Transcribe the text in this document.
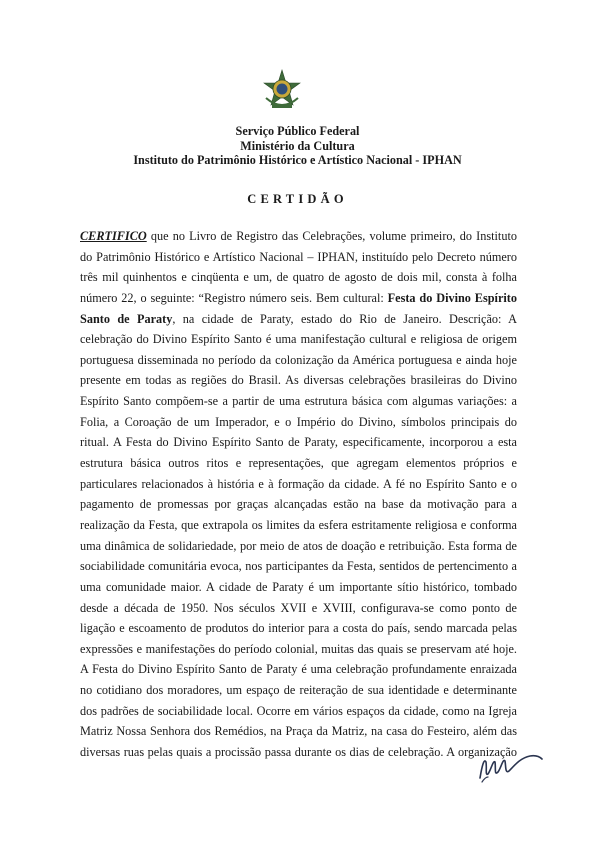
Serviço Público Federal
Ministério da Cultura
Instituto do Patrimônio Histórico e Artístico Nacional - IPHAN
CERTIDÃO
CERTIFICO que no Livro de Registro das Celebrações, volume primeiro, do Instituto
do Patrimônio Histórico e Artístico Nacional – IPHAN, instituído pelo Decreto número
três mil quinhentos e cinqüenta e um, de quatro de agosto de dois mil, consta à folha
número 22, o seguinte: “Registro número seis. Bem cultural: Festa do Divino Espírito
Santo de Paraty, na cidade de Paraty, estado do Rio de Janeiro. Descrição: A
celebração do Divino Espírito Santo é uma manifestação cultural e religiosa de origem
portuguesa disseminada no período da colonização da América portuguesa e ainda hoje
presente em todas as regiões do Brasil. As diversas celebrações brasileiras do Divino
Espírito Santo compõem-se a partir de uma estrutura básica com algumas variações: a
Folia, a Coroação de um Imperador, e o Império do Divino, símbolos principais do
ritual. A Festa do Divino Espírito Santo de Paraty, especificamente, incorporou a esta
estrutura básica outros ritos e representações, que agregam elementos próprios e
particulares relacionados à história e à formação da cidade. A fé no Espírito Santo e o
pagamento de promessas por graças alcançadas estão na base da motivação para a
realização da Festa, que extrapola os limites da esfera estritamente religiosa e conforma
uma dinâmica de solidariedade, por meio de atos de doação e retribuição. Esta forma de
sociabilidade comunitária evoca, nos participantes da Festa, sentidos de pertencimento a
uma comunidade maior. A cidade de Paraty é um importante sítio histórico, tombado
desde a década de 1950. Nos séculos XVII e XVIII, configurava-se como ponto de
ligação e escoamento de produtos do interior para a costa do país, sendo marcada pelas
expressões e manifestações do período colonial, muitas das quais se preservam até hoje.
A Festa do Divino Espírito Santo de Paraty é uma celebração profundamente enraizada
no cotidiano dos moradores, um espaço de reiteração de sua identidade e determinante
dos padrões de sociabilidade local. Ocorre em vários espaços da cidade, como na Igreja
Matriz Nossa Senhora dos Remédios, na Praça da Matriz, na casa do Festeiro, além das
diversas ruas pelas quais a procissão passa durante os dias de celebração. A organização
